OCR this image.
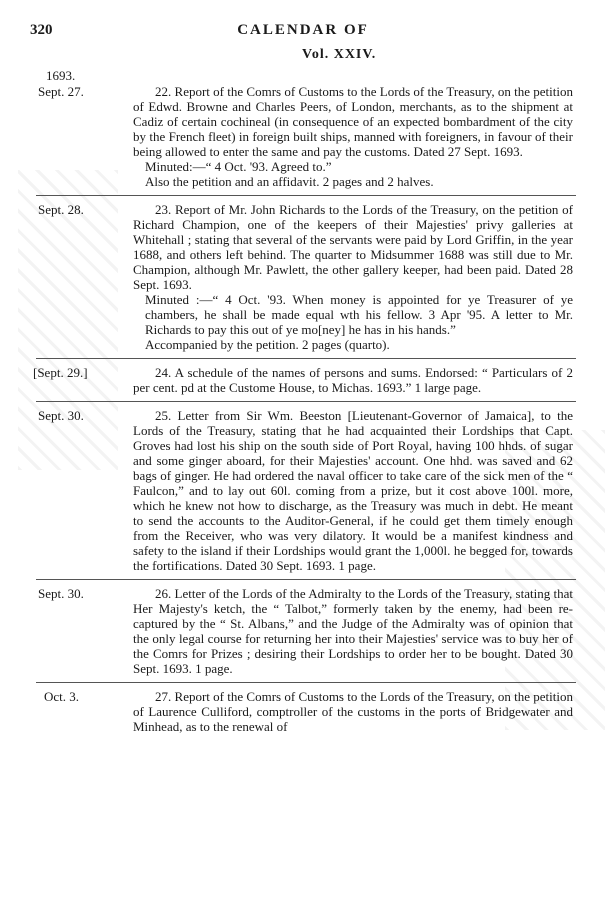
320	CALENDAR OF
Vol. XXIV.
1693.
Sept. 27.	22. Report of the Comrs of Customs to the Lords of the Treasury, on the petition of Edwd. Browne and Charles Peers, of London, merchants, as to the shipment at Cadiz of certain cochineal (in consequence of an expected bombardment of the city by the French fleet) in foreign built ships, manned with foreigners, in favour of their being allowed to enter the same and pay the customs. Dated 27 Sept. 1693.

Minuted:—“ 4 Oct. '93. Agreed to.”

Also the petition and an affidavit. 2 pages and 2 halves.

Sept. 28.	23. Report of Mr. John Richards to the Lords of the Treasury, on the petition of Richard Champion, one of the keepers of their Majesties' privy galleries at Whitehall ; stating that several of the servants were paid by Lord Griffin, in the year 1688, and others left behind. The quarter to Midsummer 1688 was still due to Mr. Champion, although Mr. Pawlett, the other gallery keeper, had been paid. Dated 28 Sept. 1693.

Minuted :—“ 4 Oct. '93. When money is appointed for ye Treasurer of ye chambers, he shall be made equal wth his fellow. 3 Apr '95. A letter to Mr. Richards to pay this out of ye mo[ney] he has in his hands.”

Accompanied by the petition. 2 pages (quarto).

[Sept. 29.]	24. A schedule of the names of persons and sums. Endorsed: “ Particulars of 2 per cent. pd at the Custome House, to Michas. 1693.” 1 large page.

Sept. 30.	25. Letter from Sir Wm. Beeston [Lieutenant-Governor of Jamaica], to the Lords of the Treasury, stating that he had acquainted their Lordships that Capt. Groves had lost his ship on the south side of Port Royal, having 100 hhds. of sugar and some ginger aboard, for their Majesties' account. One hhd. was saved and 62 bags of ginger. He had ordered the naval officer to take care of the sick men of the “ Faulcon,” and to lay out 60l. coming from a prize, but it cost above 100l. more, which he knew not how to discharge, as the Treasury was much in debt. He meant to send the accounts to the Auditor-General, if he could get them timely enough from the Receiver, who was very dilatory. It would be a manifest kindness and safety to the island if their Lordships would grant the 1,000l. he begged for, towards the fortifications. Dated 30 Sept. 1693. 1 page.

Sept. 30.	26. Letter of the Lords of the Admiralty to the Lords of the Treasury, stating that Her Majesty's ketch, the “ Talbot,” formerly taken by the enemy, had been re-captured by the “ St. Albans,” and the Judge of the Admiralty was of opinion that the only legal course for returning her into their Majesties' service was to buy her of the Comrs for Prizes ; desiring their Lordships to order her to be bought. Dated 30 Sept. 1693. 1 page.

Oct. 3.	27. Report of the Comrs of Customs to the Lords of the Treasury, on the petition of Laurence Culliford, comptroller of the customs in the ports of Bridgewater and Minhead, as to the renewal of
